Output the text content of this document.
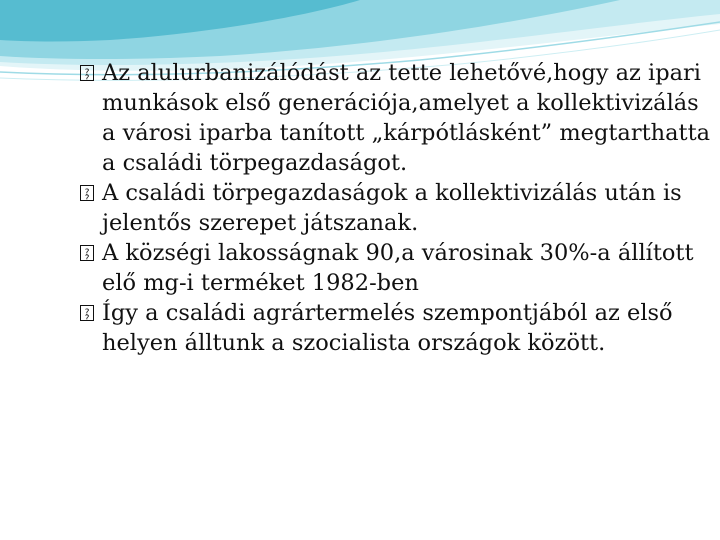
? ?
Az alulurbanizálódást az tette lehetővé,hogy az ipari munkások első generációja,amelyet a kollektivizálás a városi iparba tanított „kárpótlásként” megtarthatta a családi törpegazdaságot.

? ?
A családi törpegazdaságok a kollektivizálás után is jelentős szerepet játszanak.

? ?
A községi lakosságnak 90,a városinak 30%-a állított elő mg-i terméket 1982-ben

? ?
Így a családi agrártermelés szempontjából az első helyen álltunk a szocialista országok között.
